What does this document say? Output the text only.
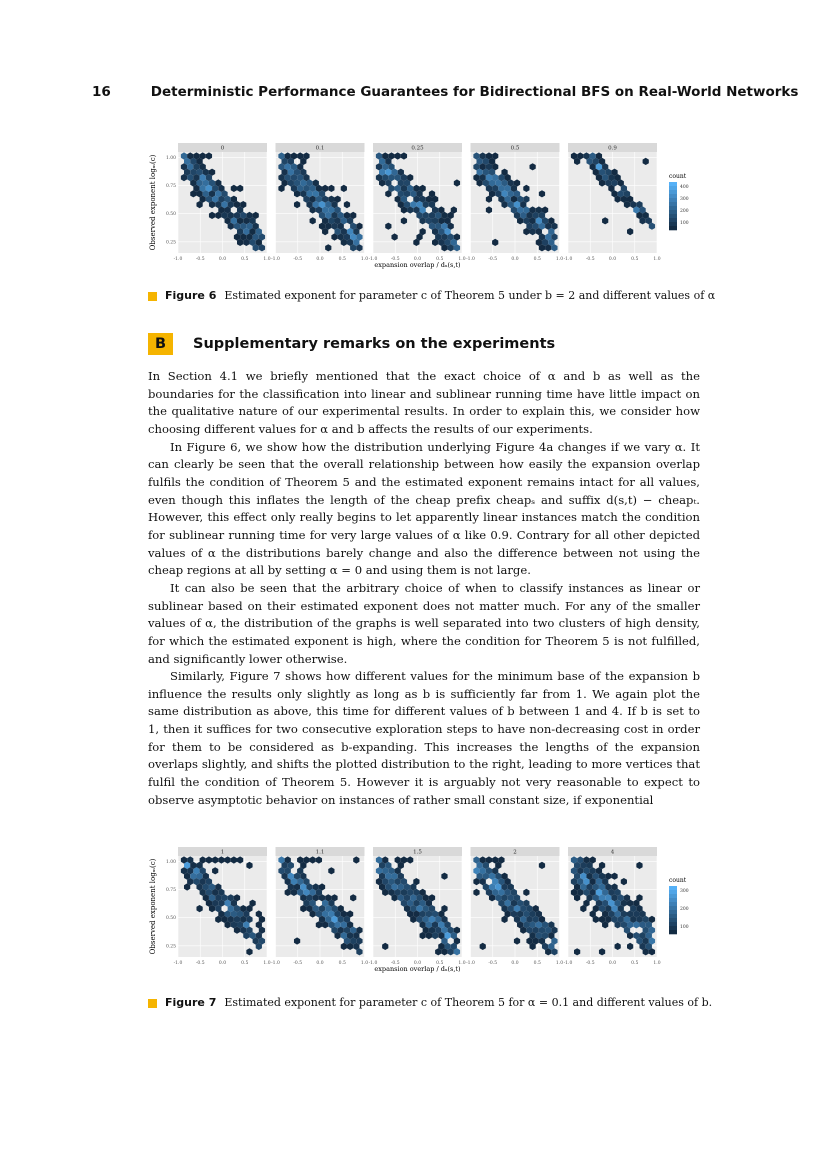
16	Deterministic Performance Guarantees for Bidirectional BFS on Real-World Networks
Observed exponent logₘ(c)
0
-1.0	-0.5	0.0	0.5	1.0
0.25
0.50
0.75
1.00
0.1
-1.0	-0.5	0.0	0.5	1.0
0.25
-1.0	-0.5	0.0	0.5	1.0
0.5
-1.0	-0.5	0.0	0.5	1.0
0.9
-1.0	-0.5	0.0	0.5	1.0
expansion overlap / dᵤ(s,t)
count
100
200
300
400
Figure 6 Estimated exponent for parameter c of Theorem 5 under b = 2 and different values of α
B	Supplementary remarks on the experiments

In Section 4.1 we briefly mentioned that the exact choice of α and b as well as the boundaries for the classification into linear and sublinear running time have little impact on the qualitative nature of our experimental results. In order to explain this, we consider how choosing different values for α and b affects the results of our experiments.

In Figure 6, we show how the distribution underlying Figure 4a changes if we vary α. It can clearly be seen that the overall relationship between how easily the expansion overlap fulfils the condition of Theorem 5 and the estimated exponent remains intact for all values, even though this inflates the length of the cheap prefix cheapₛ and suffix d(s,t) − cheapₜ. However, this effect only really begins to let apparently linear instances match the condition for sublinear running time for very large values of α like 0.9. Contrary for all other depicted values of α the distributions barely change and also the difference between not using the cheap regions at all by setting α = 0 and using them is not large.

It can also be seen that the arbitrary choice of when to classify instances as linear or sublinear based on their estimated exponent does not matter much. For any of the smaller values of α, the distribution of the graphs is well separated into two clusters of high density, for which the estimated exponent is high, where the condition for Theorem 5 is not fulfilled, and significantly lower otherwise.

Similarly, Figure 7 shows how different values for the minimum base of the expansion b influence the results only slightly as long as b is sufficiently far from 1. We again plot the same distribution as above, this time for different values of b between 1 and 4. If b is set to 1, then it suffices for two consecutive exploration steps to have non-decreasing cost in order for them to be considered as b-expanding. This increases the lengths of the expansion overlaps slightly, and shifts the plotted distribution to the right, leading to more vertices that fulfil the condition of Theorem 5. However it is arguably not very reasonable to expect to observe asymptotic behavior on instances of rather small constant size, if exponential

Observed exponent logₘ(c)
1
-1.0	-0.5	0.0	0.5	1.0
0.25
0.50
0.75
1.00
1.1
-1.0	-0.5	0.0	0.5	1.0
1.5
-1.0	-0.5	0.0	0.5	1.0
2
-1.0	-0.5	0.0	0.5	1.0
4
-1.0	-0.5	0.0	0.5	1.0
expansion overlap / dᵤ(s,t)
count
100
200
300
Figure 7 Estimated exponent for parameter c of Theorem 5 for α = 0.1 and different values of b.
